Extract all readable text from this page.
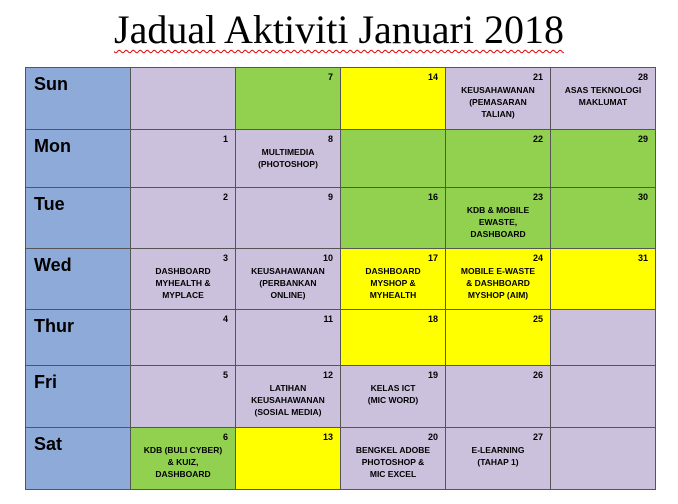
Jadual Aktiviti Januari 2018
Sun		7	14	21
KEUSAHAWANAN
(PEMASARAN
TALIAN)	28
ASAS TEKNOLOGI
MAKLUMAT

Mon	1	8
MULTIMEDIA
(PHOTOSHOP)		22	29

Tue	2	9	16	23
KDB & MOBILE
EWASTE,
DASHBOARD	30

Wed	3
DASHBOARD
MYHEALTH &
MYPLACE	10
KEUSAHAWANAN
(PERBANKAN
ONLINE)	17
DASHBOARD
MYSHOP &
MYHEALTH	24
MOBILE E-WASTE
& DASHBOARD
MYSHOP (AIM)	31

Thur	4	11	18	25	

Fri	5	12
LATIHAN
KEUSAHAWANAN
(SOSIAL MEDIA)	19
KELAS ICT
(MIC WORD)	26	

Sat	6
KDB (BULI CYBER)
& KUIZ,
DASHBOARD	13	20
BENGKEL ADOBE
PHOTOSHOP &
MIC EXCEL	27
E-LEARNING
(TAHAP 1)	
